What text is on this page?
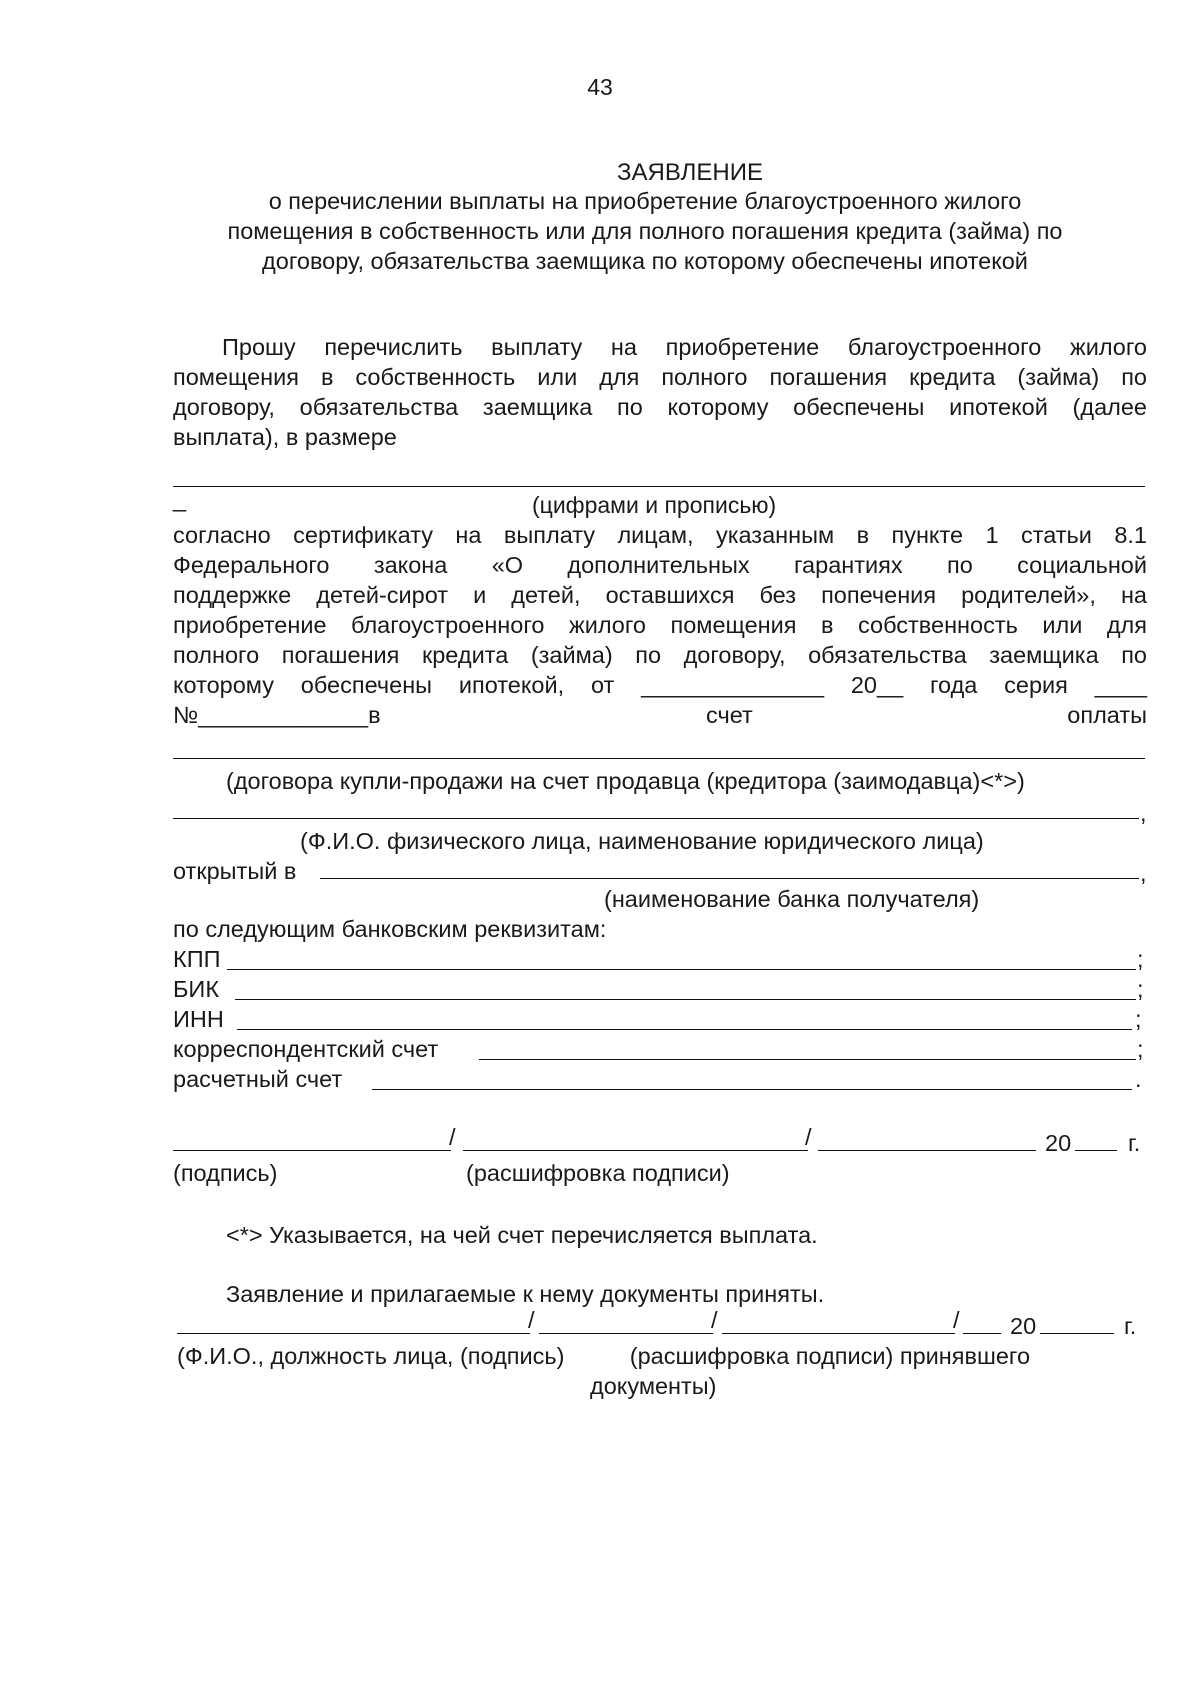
43
ЗАЯВЛЕНИЕ
о перечислении выплаты на приобретение благоустроенного жилого
помещения в собственность или для полного погашения кредита (займа) по
договору, обязательства заемщика по которому обеспечены ипотекой
Прошу перечислить выплату на приобретение благоустроенного жилого
помещения в собственность или для полного погашения кредита (займа) по
договору, обязательства заемщика по которому обеспечены ипотекой (далее
выплата), в размере
_	(цифрами и прописью)
согласно сертификату на выплату лицам, указанным в пункте 1 статьи 8.1
Федерального закона «О дополнительных гарантиях по социальной
поддержке детей-сирот и детей, оставшихся без попечения родителей», на
приобретение благоустроенного жилого помещения в собственность или для
полного погашения кредита (займа) по договору, обязательства заемщика по
которому обеспечены ипотекой, от ______________ 20__ года серия ____
№_____________в	счет	оплаты
(договора купли-продажи на счет продавца (кредитора (заимодавца)<*>)
,
(Ф.И.О. физического лица, наименование юридического лица)
открытый в	,
(наименование банка получателя)
по следующим банковским реквизитам:
КПП	;
БИК	;
ИНН	;
корреспондентский счет	;
расчетный счет	.
/	/	20 г.
(подпись)	(расшифровка подписи)
<*> Указывается, на чей счет перечисляется выплата.
Заявление и прилагаемые к нему документы приняты.
/	/	/ 20	г.
(Ф.И.О., должность лица, (подпись)          (расшифровка подписи) принявшего
документы)
